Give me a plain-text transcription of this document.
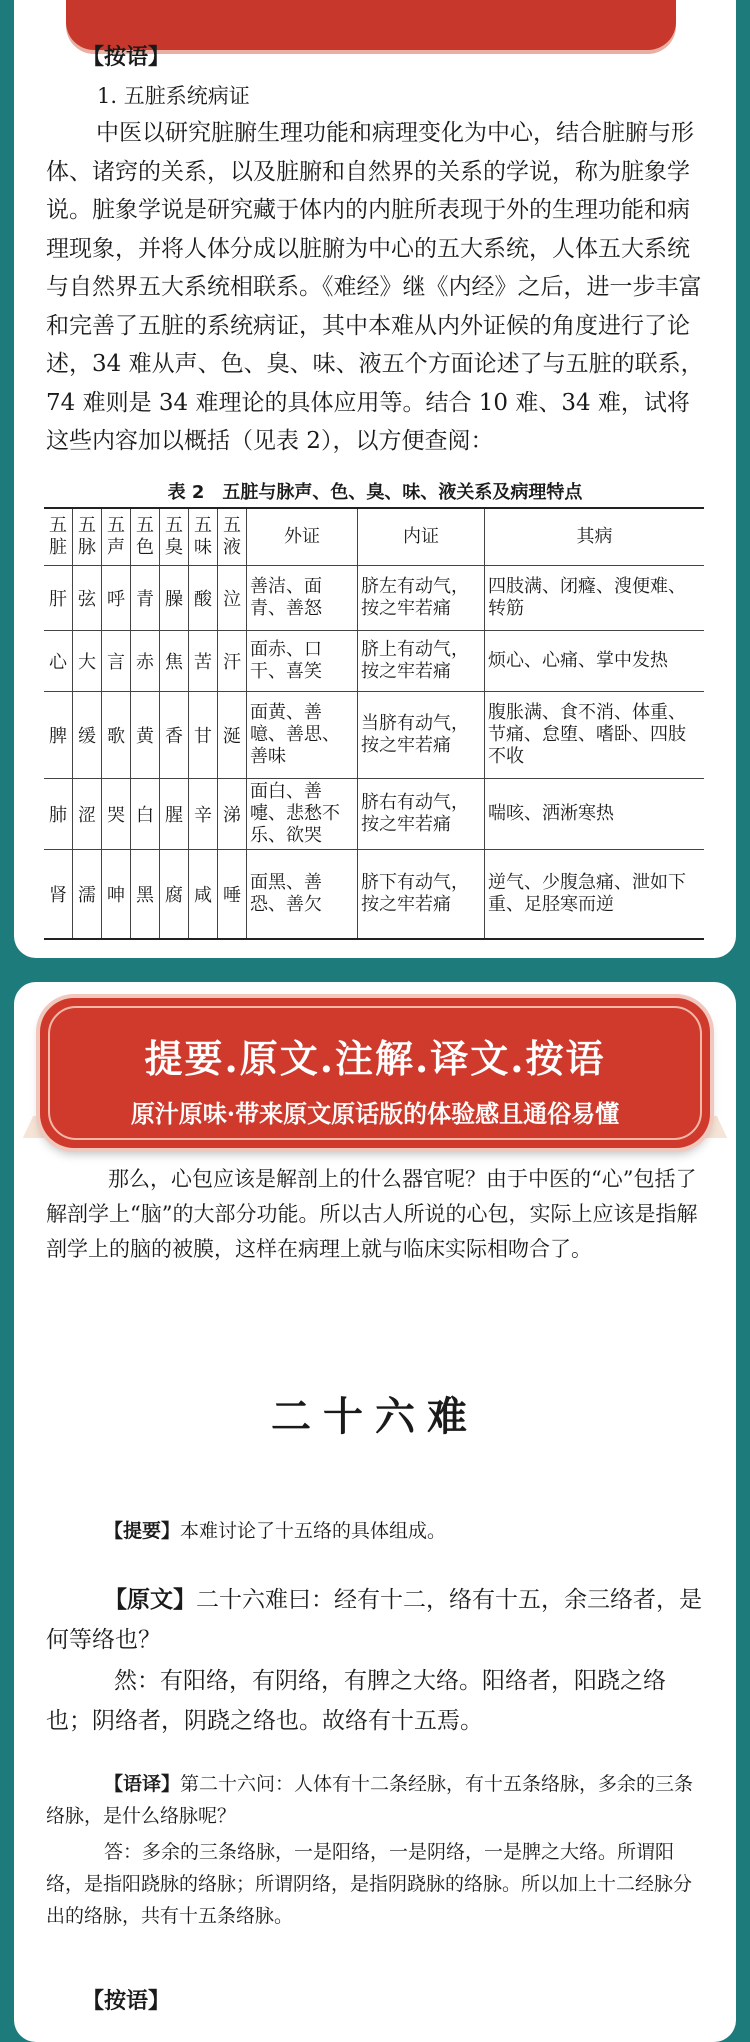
【按语】
1. 五脏系统病证

中医以研究脏腑生理功能和病理变化为中心，结合脏腑与形体、诸窍的关系，以及脏腑和自然界的关系的学说，称为脏象学说。脏象学说是研究藏于体内的内脏所表现于外的生理功能和病理现象，并将人体分成以脏腑为中心的五大系统，人体五大系统与自然界五大系统相联系。《难经》继《内经》之后，进一步丰富和完善了五脏的系统病证，其中本难从内外证候的角度进行了论述，34 难从声、色、臭、味、液五个方面论述了与五脏的联系，74 难则是 34 难理论的具体应用等。结合 10 难、34 难，试将这些内容加以概括（见表 2），以方便查阅：

表 2　五脏与脉声、色、臭、味、液关系及病理特点
五脏	五脉	五声	五色	五臭	五味	五液	外证	内证	其病
肝	弦	呼	青	臊	酸	泣	善洁、面青、善怒	脐左有动气，按之牢若痛	四肢满、闭癃、溲便难、转筋
心	大	言	赤	焦	苦	汗	面赤、口干、喜笑	脐上有动气，按之牢若痛	烦心、心痛、掌中发热
脾	缓	歌	黄	香	甘	涎	面黄、善噫、善思、善味	当脐有动气，按之牢若痛	腹胀满、食不消、体重、节痛、怠堕、嗜卧、四肢不收
肺	涩	哭	白	腥	辛	涕	面白、善嚏、悲愁不乐、欲哭	脐右有动气，按之牢若痛	喘咳、洒淅寒热
肾	濡	呻	黑	腐	咸	唾	面黑、善恐、善欠	脐下有动气，按之牢若痛	逆气、少腹急痛、泄如下重、足胫寒而逆
提要.原文.注解.译文.按语
原汁原味·带来原文原话版的体验感且通俗易懂

那么，心包应该是解剖上的什么器官呢？由于中医的“心”包括了解剖学上“脑”的大部分功能。所以古人所说的心包，实际上应该是指解剖学上的脑的被膜，这样在病理上就与临床实际相吻合了。

二十六难

【提要】本难讨论了十五络的具体组成。

【原文】二十六难曰：经有十二，络有十五，余三络者，是何等络也？

然：有阳络，有阴络，有脾之大络。阳络者，阳跷之络也；阴络者，阴跷之络也。故络有十五焉。

【语译】第二十六问：人体有十二条经脉，有十五条络脉，多余的三条络脉，是什么络脉呢？

答：多余的三条络脉，一是阳络，一是阴络，一是脾之大络。所谓阳络，是指阳跷脉的络脉；所谓阴络，是指阴跷脉的络脉。所以加上十二经脉分出的络脉，共有十五条络脉。

【按语】
